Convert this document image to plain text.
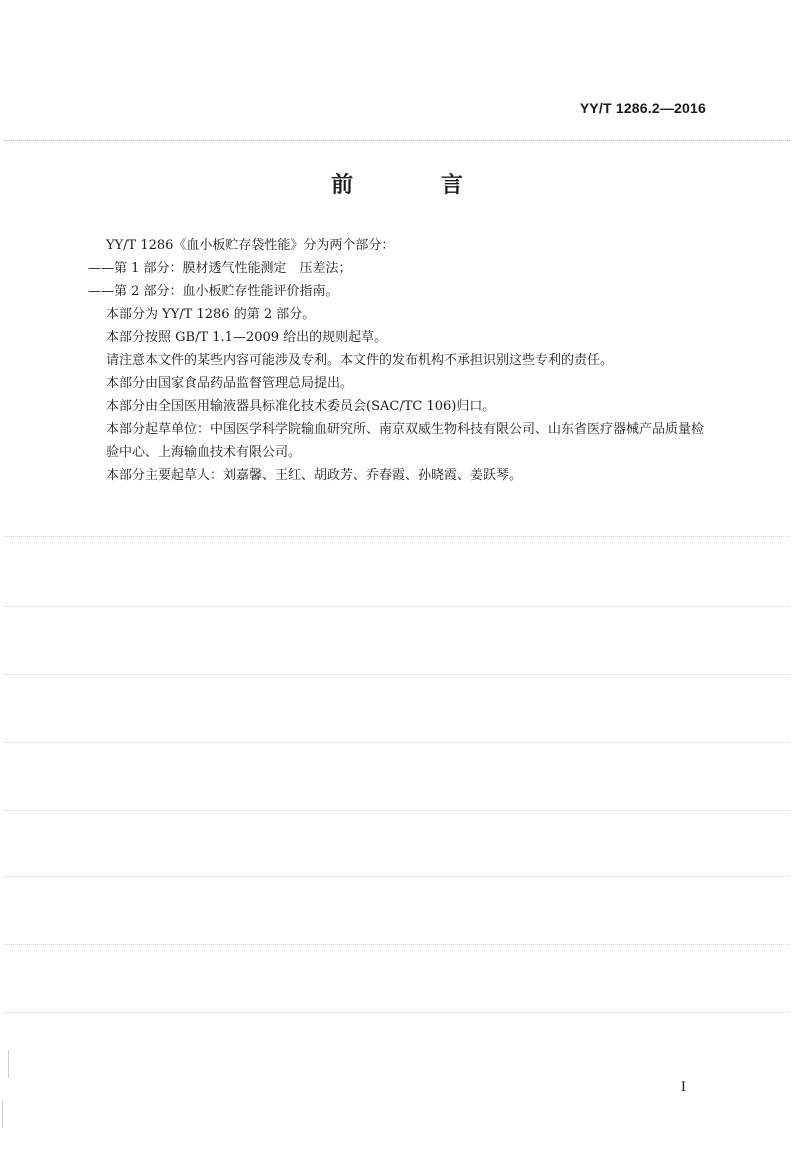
YY/T 1286.2—2016
前 言

YY/T 1286《血小板贮存袋性能》分为两个部分：

——第 1 部分：膜材透气性能测定　压差法；

——第 2 部分：血小板贮存性能评价指南。

本部分为 YY/T 1286 的第 2 部分。

本部分按照 GB/T 1.1—2009 给出的规则起草。

请注意本文件的某些内容可能涉及专利。本文件的发布机构不承担识别这些专利的责任。

本部分由国家食品药品监督管理总局提出。

本部分由全国医用输液器具标准化技术委员会(SAC/TC 106)归口。

本部分起草单位：中国医学科学院输血研究所、南京双威生物科技有限公司、山东省医疗器械产品质量检验中心、上海输血技术有限公司。

本部分主要起草人：刘嘉馨、王红、胡政芳、乔春霞、孙晓霞、姜跃琴。

I
